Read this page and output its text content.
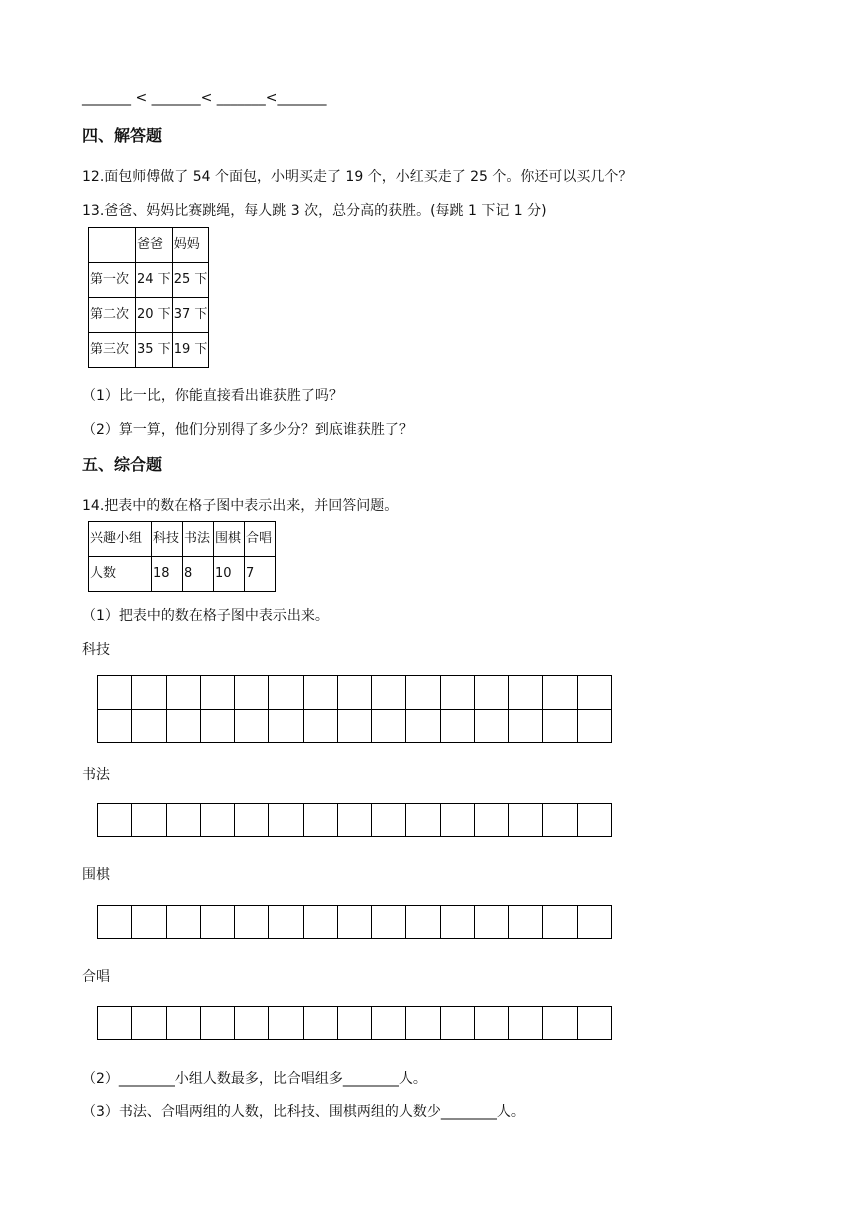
_______ < _______< _______<_______
四、解答题
12.面包师傅做了 54 个面包，小明买走了 19 个，小红买走了 25 个。你还可以买几个？
13.爸爸、妈妈比赛跳绳，每人跳 3 次，总分高的获胜。(每跳 1 下记 1 分)
	爸爸	妈妈
第一次	24 下	25 下
第二次	20 下	37 下
第三次	35 下	19 下
（1）比一比，你能直接看出谁获胜了吗？
（2）算一算，他们分别得了多少分？到底谁获胜了？
五、综合题
14.把表中的数在格子图中表示出来，并回答问题。
兴趣小组	科技	书法	围棋	合唱
人数	18	8	10	7
（1）把表中的数在格子图中表示出来。
科技
书法
围棋
合唱
（2）________小组人数最多，比合唱组多________人。
（3）书法、合唱两组的人数，比科技、围棋两组的人数少________人。
